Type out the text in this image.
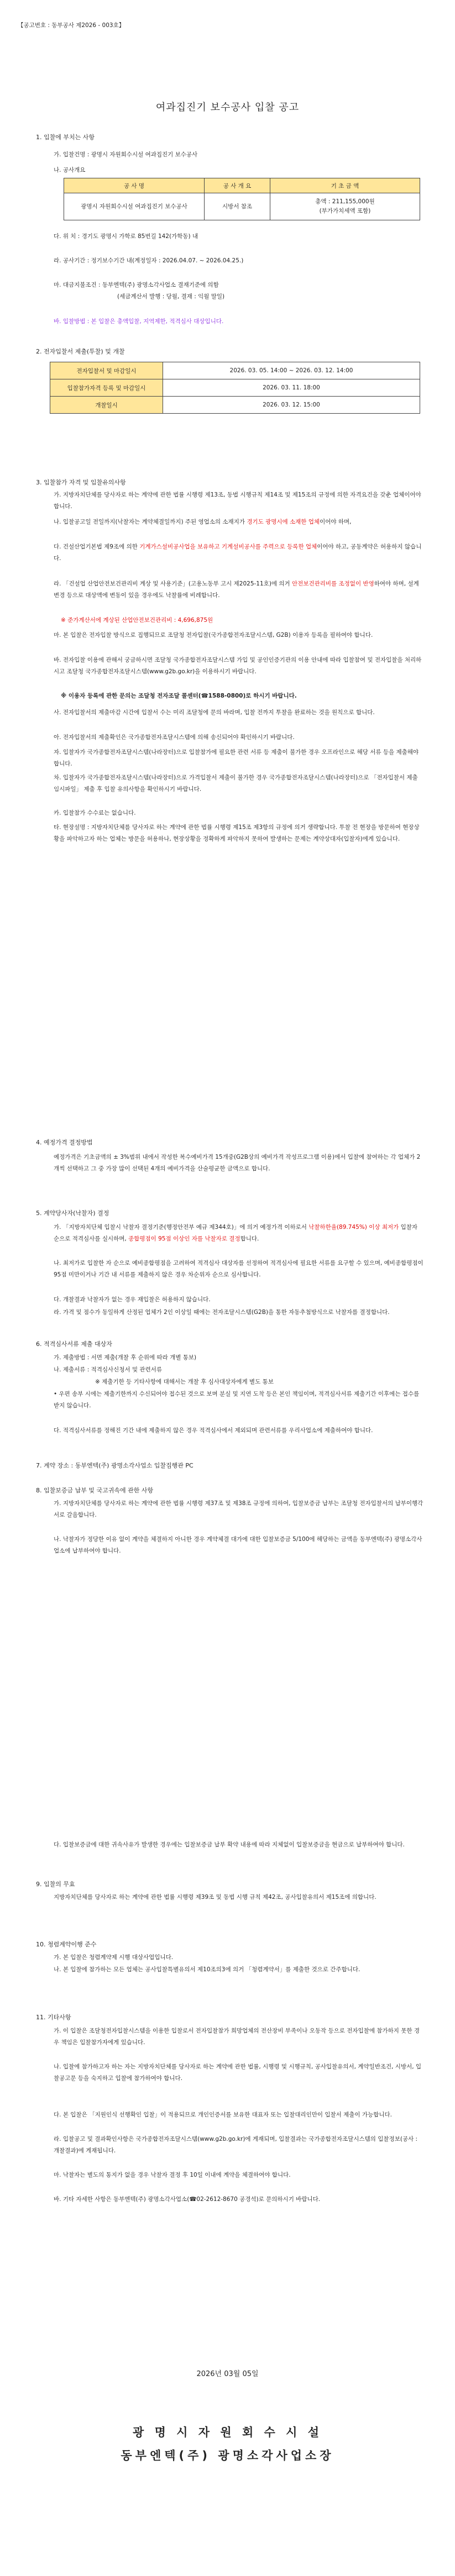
【공고번호 : 동부공사 제2026 - 003호】
여과집진기 보수공사 입찰 공고
1. 입찰에 부치는 사항
가. 입찰건명 : 광명시 자원회수시설 여과집진기 보수공사
나. 공사개요
공 사 명	공 사 개 요	기 초 금 액
광명시 자원회수시설 여과집진기 보수공사	시방서 참조	총액 : 211,155,000원
(부가가치세액 포함)
다. 위 치 : 경기도 광명시 가학로 85번길 142(가학동) 내
라. 공사기간 : 정기보수기간 내(계정일자 : 2026.04.07. ~ 2026.04.25.)
마. 대금지불조건 : 동부엔텍(주) 광명소각사업소 결재기준에 의함
(세금계산서 발행 : 당월, 결재 : 익월 말일)
바. 입찰방법 : 본 입찰은 총액입찰, 지역제한, 적격심사 대상입니다.
2. 전자입찰서 제출(투찰) 및 개찰
전자입찰서 및 마감일시	2026. 03. 05. 14:00 ~ 2026. 03. 12. 14:00
입찰참가자격 등록 및 마감일시	2026. 03. 11. 18:00
개찰일시	2026. 03. 12. 15:00
3. 입찰참가 자격 및 입찰유의사항
가. 지방자치단체를 당사자로 하는 계약에 관한 법률 시행령 제13조, 동법 시행규칙 제14조 및 제15조의 규정에 의한 자격요건을 갖춘 업체이어야 합니다.
나. 입찰공고일 전일까지(낙찰자는 계약체결일까지) 주된 영업소의 소재지가 경기도 광명시에 소재한 업체이어야 하며,
다. 건설산업기본법 제9조에 의한 기계가스설비공사업을 보유하고 기계설비공사를 주력으로 등록한 업체이어야 하고, 공동계약은 허용하지 않습니다.
라. 「건설업 산업안전보건관리비 계상 및 사용기준」(고용노동부 고시 제2025-11호)에 의거 안전보건관리비를 조정없이 반영하여야 하며, 설계변경 등으로 대상액에 변동이 있을 경우에도 낙찰률에 비례합니다.
※ 준가계산서에 계상된 산업안전보건관리비 : 4,696,875원
마. 본 입찰은 전자입찰 방식으로 집행되므로 조달청 전자입찰(국가종합전자조달시스템, G2B) 이용자 등록을 필하여야 합니다.
바. 전자입찰 이용에 관해서 궁금하시면 조달청 국가종합전자조달시스템 가입 및 공인인증기관의 이용 안내에 따라 입찰참여 및 전자입찰을 처리하시고 조달청 국가종합전자조달시스템(www.g2b.go.kr)을 이용하시기 바랍니다.
※ 이용자 등록에 관한 문의는 조달청 전자조달 콜센터(☎1588-0800)로 하시기 바랍니다.
사. 전자입찰서의 제출마감 시간에 입찰서 수는 미리 조달청에 문의 바라며, 입찰 전까지 투찰을 완료하는 것을 원칙으로 합니다.
아. 전자입찰서의 제출확인은 국가종합전자조달시스템에 의해 송신되어야 확인하시기 바랍니다.
자. 입찰자가 국가종합전자조달시스템(나라장터)으로 입찰참가에 필요한 관련 서류 등 제출이 불가한 경우 오프라인으로 해당 서류 등을 제출해야 합니다.
차. 입찰자가 국가종합전자조달시스템(나라장터)으로 가격입찰서 제출이 불가한 경우 국가종합전자조달시스템(나라장터)으로 「전자입찰서 제출 임시파일」 제출 후 입찰 유의사항을 확인하시기 바랍니다.
카. 입찰참가 수수료는 없습니다.
타. 현장설명 : 지방자치단체를 당사자로 하는 계약에 관한 법률 시행령 제15조 제3항의 규정에 의거 생략합니다. 투찰 전 현장을 방문하여 현장상황을 파악하고자 하는 업체는 방문을 허용하나, 현장상황을 정확하게 파악하지 못하여 발생하는 문제는 계약상대자(입찰자)에게 있습니다.
4. 예정가격 결정방법
예정가격은 기초금액의 ± 3%범위 내에서 작성한 복수예비가격 15개중(G2B상의 예비가격 작성프로그램 이용)에서 입찰에 참여하는 각 업체가 2개씩 선택하고 그 중 가장 많이 선택된 4개의 예비가격을 산술평균한 금액으로 합니다.
5. 계약당사자(낙찰자) 결정
가. 「지방자치단체 입찰시 낙찰자 결정기준(행정안전부 예규 제344호)」에 의거 예정가격 이하로서 낙찰하한율(89.745%) 이상 최저가 입찰자 순으로 적격심사를 실시하며, 종합평점이 95점 이상인 자를 낙찰자로 결정합니다.
나. 최저가로 입찰한 자 순으로 예비종합평점을 고려하여 적격심사 대상자를 선정하여 적격심사에 필요한 서류를 요구할 수 있으며, 예비종합평점이 95점 미만이거나 기간 내 서류를 제출하지 않은 경우 차순위자 순으로 심사합니다.
다. 개찰결과 낙찰자가 없는 경우 재입찰은 허용하지 않습니다.
라. 가격 및 점수가 동일하게 산정된 업체가 2인 이상일 때에는 전자조달시스템(G2B)을 통한 자동추첨방식으로 낙찰자를 결정합니다.
6. 적격심사서류 제출 대상자
가. 제출방법 : 서면 제출(개찰 후 순위에 따라 개별 통보)
나. 제출서류 : 적격심사신청서 및 관련서류
※ 제출기한 등 기타사항에 대해서는 개찰 후 심사대상자에게 별도 통보
• 우편 송부 시에는 제출기한까지 수신되어야 접수된 것으로 보며 분실 및 지연 도착 등은 본인 책임이며, 적격심사서류 제출기간 이후에는 접수를 받지 않습니다.
다. 적격심사서류를 정해진 기간 내에 제출하지 않은 경우 적격심사에서 제외되며 관련서류를 우리사업소에 제출하여야 합니다.
7. 계약 장소 : 동부엔텍(주) 광명소각사업소 입찰집행관 PC
8. 입찰보증금 납부 및 국고귀속에 관한 사항
가. 지방자치단체를 당사자로 하는 계약에 관한 법률 시행령 제37조 및 제38조 규정에 의하여, 입찰보증금 납부는 조달청 전자입찰서의 납부이행각서로 갈음합니다.
나. 낙찰자가 정당한 이유 없이 계약을 체결하지 아니한 경우 계약체결 대가에 대한 입찰보증금 5/100에 해당하는 금액을 동부엔텍(주) 광명소각사업소에 납부하여야 합니다.
다. 입찰보증금에 대한 귀속사유가 발생한 경우에는 입찰보증금 납부 확약 내용에 따라 지체없이 입찰보증금을 현금으로 납부하여야 합니다.
9. 입찰의 무효
지방자치단체를 당사자로 하는 계약에 관한 법률 시행령 제39조 및 동법 시행 규칙 제42조, 공사입찰유의서 제15조에 의합니다.
10. 청렴계약이행 준수
가. 본 입찰은 청렴계약제 시행 대상사업입니다.
나. 본 입찰에 참가하는 모든 업체는 공사입찰특별유의서 제10조의3에 의거 「청렴계약서」를 제출한 것으로 간주합니다.
11. 기타사항
가. 이 입찰은 조달청전자입찰시스템을 이용한 입찰로서 전자입찰참가 희망업체의 전산장비 부족이나 오동작 등으로 전자입찰에 참가하지 못한 경우 책임은 입찰참가자에게 있습니다.
나. 입찰에 참가하고자 하는 자는 지방자치단체를 당사자로 하는 계약에 관한 법률, 시행령 및 시행규칙, 공사입찰유의서, 계약일반조건, 시방서, 입찰공고문 등을 숙지하고 입찰에 참가하여야 합니다.
다. 본 입찰은 「지원인식 선행확인 입찰」이 적용되므로 개인인증서를 보유한 대표자 또는 입찰대리인만이 입찰서 제출이 가능합니다.
라. 입찰공고 및 결과확인사항은 국가종합전자조달시스템(www.g2b.go.kr)에 게재되며, 입찰결과는 국가종합전자조달시스템의 입찰정보(공사 : 개찰결과)에 게재됩니다.
마. 낙찰자는 별도의 통지가 없을 경우 낙찰자 결정 후 10일 이내에 계약을 체결하여야 합니다.
바. 기타 자세한 사항은 동부엔텍(주) 광명소각사업소(☎02-2612-8670 공경석)로 문의하시기 바랍니다.
2026년 03월 05일
광 명 시 자 원 회 수 시 설
동부엔텍(주) 광명소각사업소장
